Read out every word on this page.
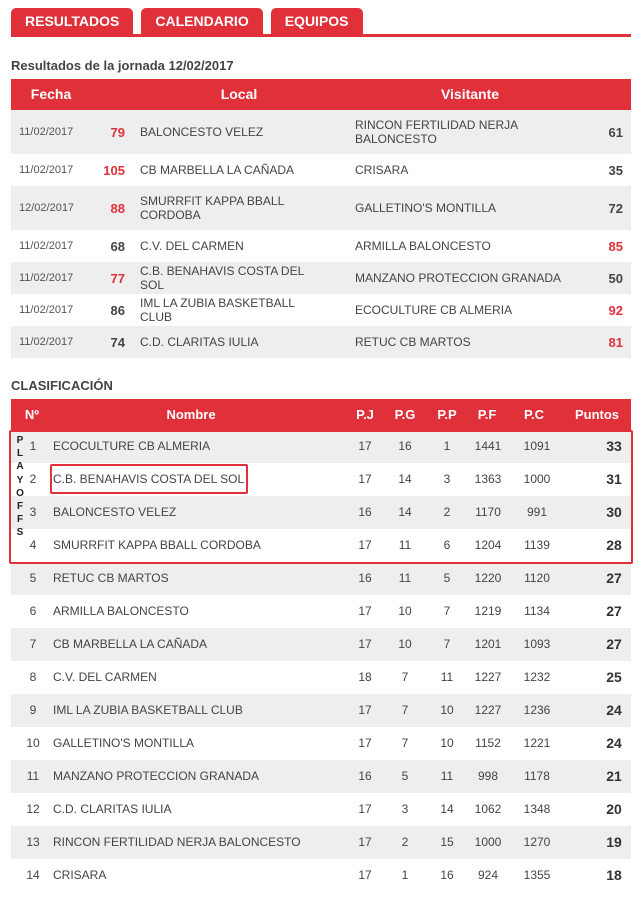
RESULTADOS	CALENDARIO	EQUIPOS
Resultados de la jornada 12/02/2017
Fecha	Local	Visitante
11/02/2017	79 BALONCESTO VELEZ	RINCON FERTILIDAD NERJA BALONCESTO	61
11/02/2017	105 CB MARBELLA LA CAÑADA	CRISARA	35
12/02/2017	88 SMURRFIT KAPPA BBALL CORDOBA	GALLETINO'S MONTILLA	72
11/02/2017	68 C.V. DEL CARMEN	ARMILLA BALONCESTO	85
11/02/2017	77 C.B. BENAHAVIS COSTA DEL SOL	MANZANO PROTECCION GRANADA	50
11/02/2017	86 IML LA ZUBIA BASKETBALL CLUB	ECOCULTURE CB ALMERIA	92
11/02/2017	74 C.D. CLARITAS IULIA	RETUC CB MARTOS	81
CLASIFICACIÓN
Nº	Nombre	P.J	P.G	P.P	P.F	P.C	Puntos
1	ECOCULTURE CB ALMERIA	17	16	1	1441	1091	33
2	C.B. BENAHAVIS COSTA DEL SOL	17	14	3	1363	1000	31
3	BALONCESTO VELEZ	16	14	2	1170	991	30
4	SMURRFIT KAPPA BBALL CORDOBA	17	11	6	1204	1139	28
5	RETUC CB MARTOS	16	11	5	1220	1120	27
6	ARMILLA BALONCESTO	17	10	7	1219	1134	27
7	CB MARBELLA LA CAÑADA	17	10	7	1201	1093	27
8	C.V. DEL CARMEN	18	7	11	1227	1232	25
9	IML LA ZUBIA BASKETBALL CLUB	17	7	10	1227	1236	24
10 GALLETINO'S MONTILLA	17	7	10	1152	1221	24
11	MANZANO PROTECCION GRANADA	16	5	11	998	1178	21
12 C.D. CLARITAS IULIA	17	3	14	1062	1348	20
13 RINCON FERTILIDAD NERJA BALONCESTO	17	2	15	1000	1270	19
14 CRISARA	17	1	16	924	1355	18
P
L
A
Y
O
F
F
S
